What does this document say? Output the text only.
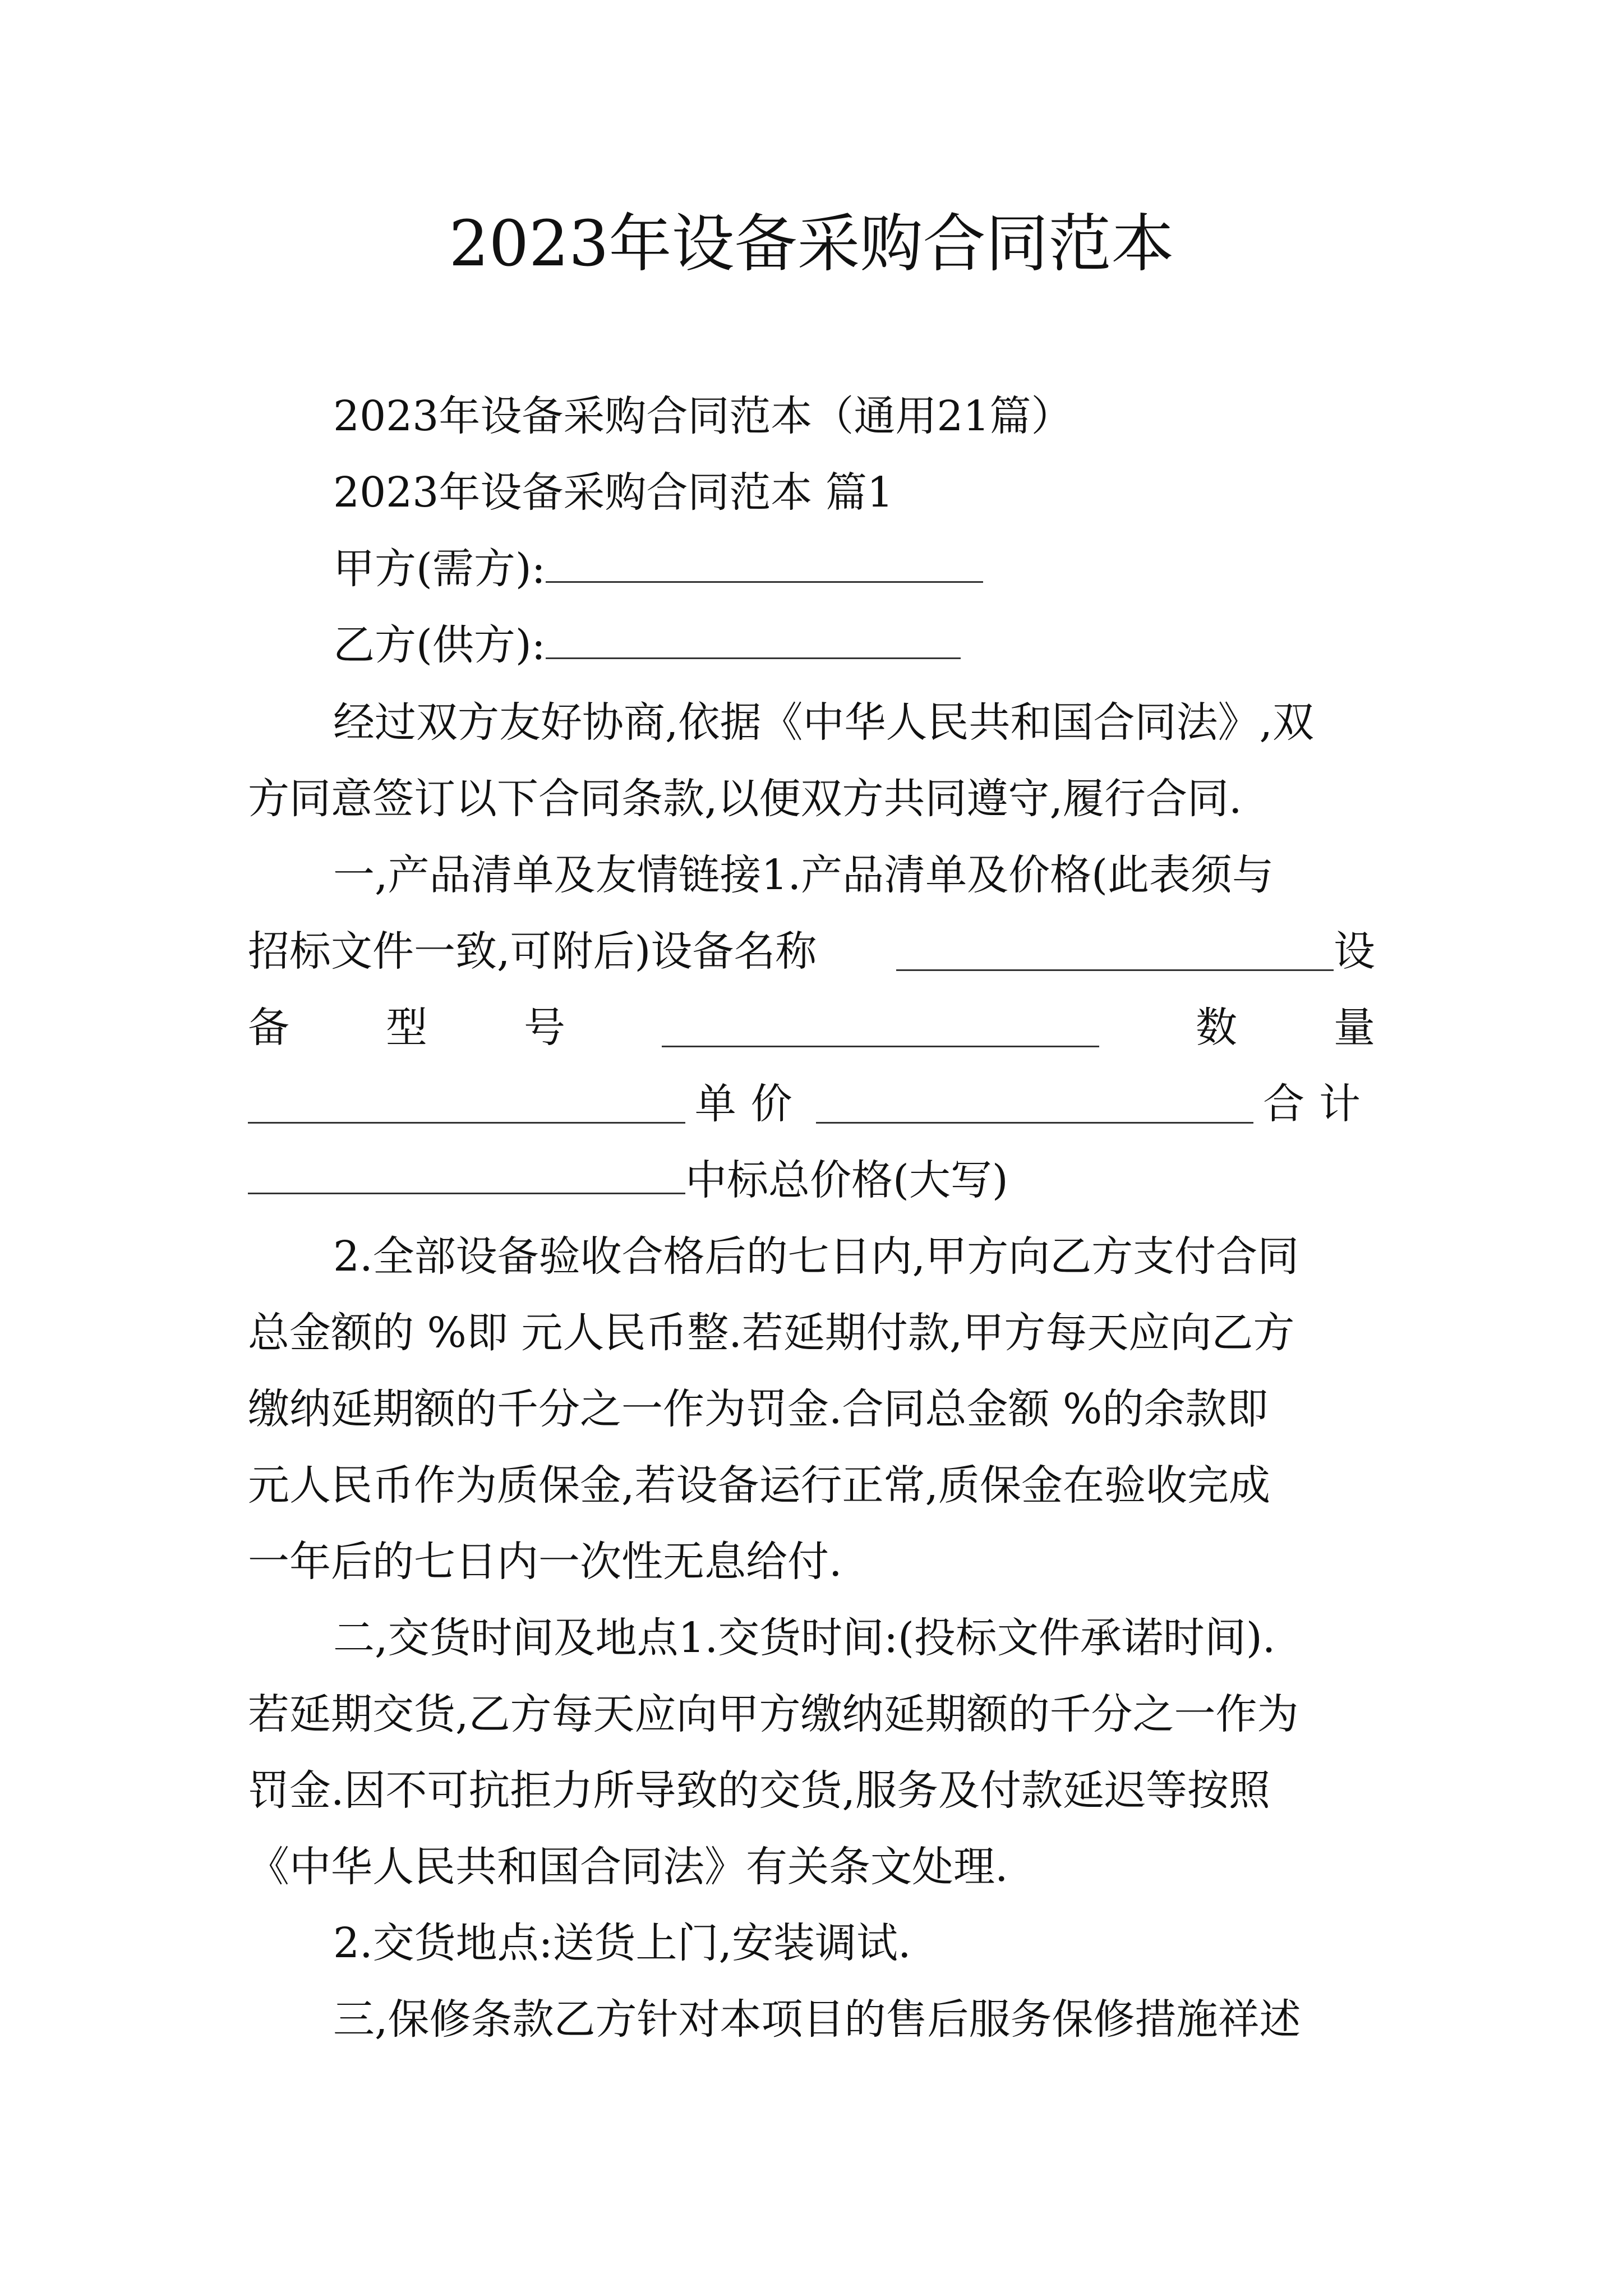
2023年设备采购合同范本
2023年设备采购合同范本（通用21篇）
2023年设备采购合同范本 篇1
甲方(需方):
乙方(供方):
经过双方友好协商,依据《中华人民共和国合同法》,双
方同意签订以下合同条款,以便双方共同遵守,履行合同.
一,产品清单及友情链接1.产品清单及价格(此表须与
招标文件一致,可附后)设备名称	设
备 型 号	数 量
单价	合计
中标总价格(大写)
2.全部设备验收合格后的七日内,甲方向乙方支付合同
总金额的 %即 元人民币整.若延期付款,甲方每天应向乙方
缴纳延期额的千分之一作为罚金.合同总金额 %的余款即
元人民币作为质保金,若设备运行正常,质保金在验收完成
一年后的七日内一次性无息给付.
二,交货时间及地点1.交货时间:(投标文件承诺时间).
若延期交货,乙方每天应向甲方缴纳延期额的千分之一作为
罚金.因不可抗拒力所导致的交货,服务及付款延迟等按照
《中华人民共和国合同法》有关条文处理.
2.交货地点:送货上门,安装调试.
三,保修条款乙方针对本项目的售后服务保修措施祥述
